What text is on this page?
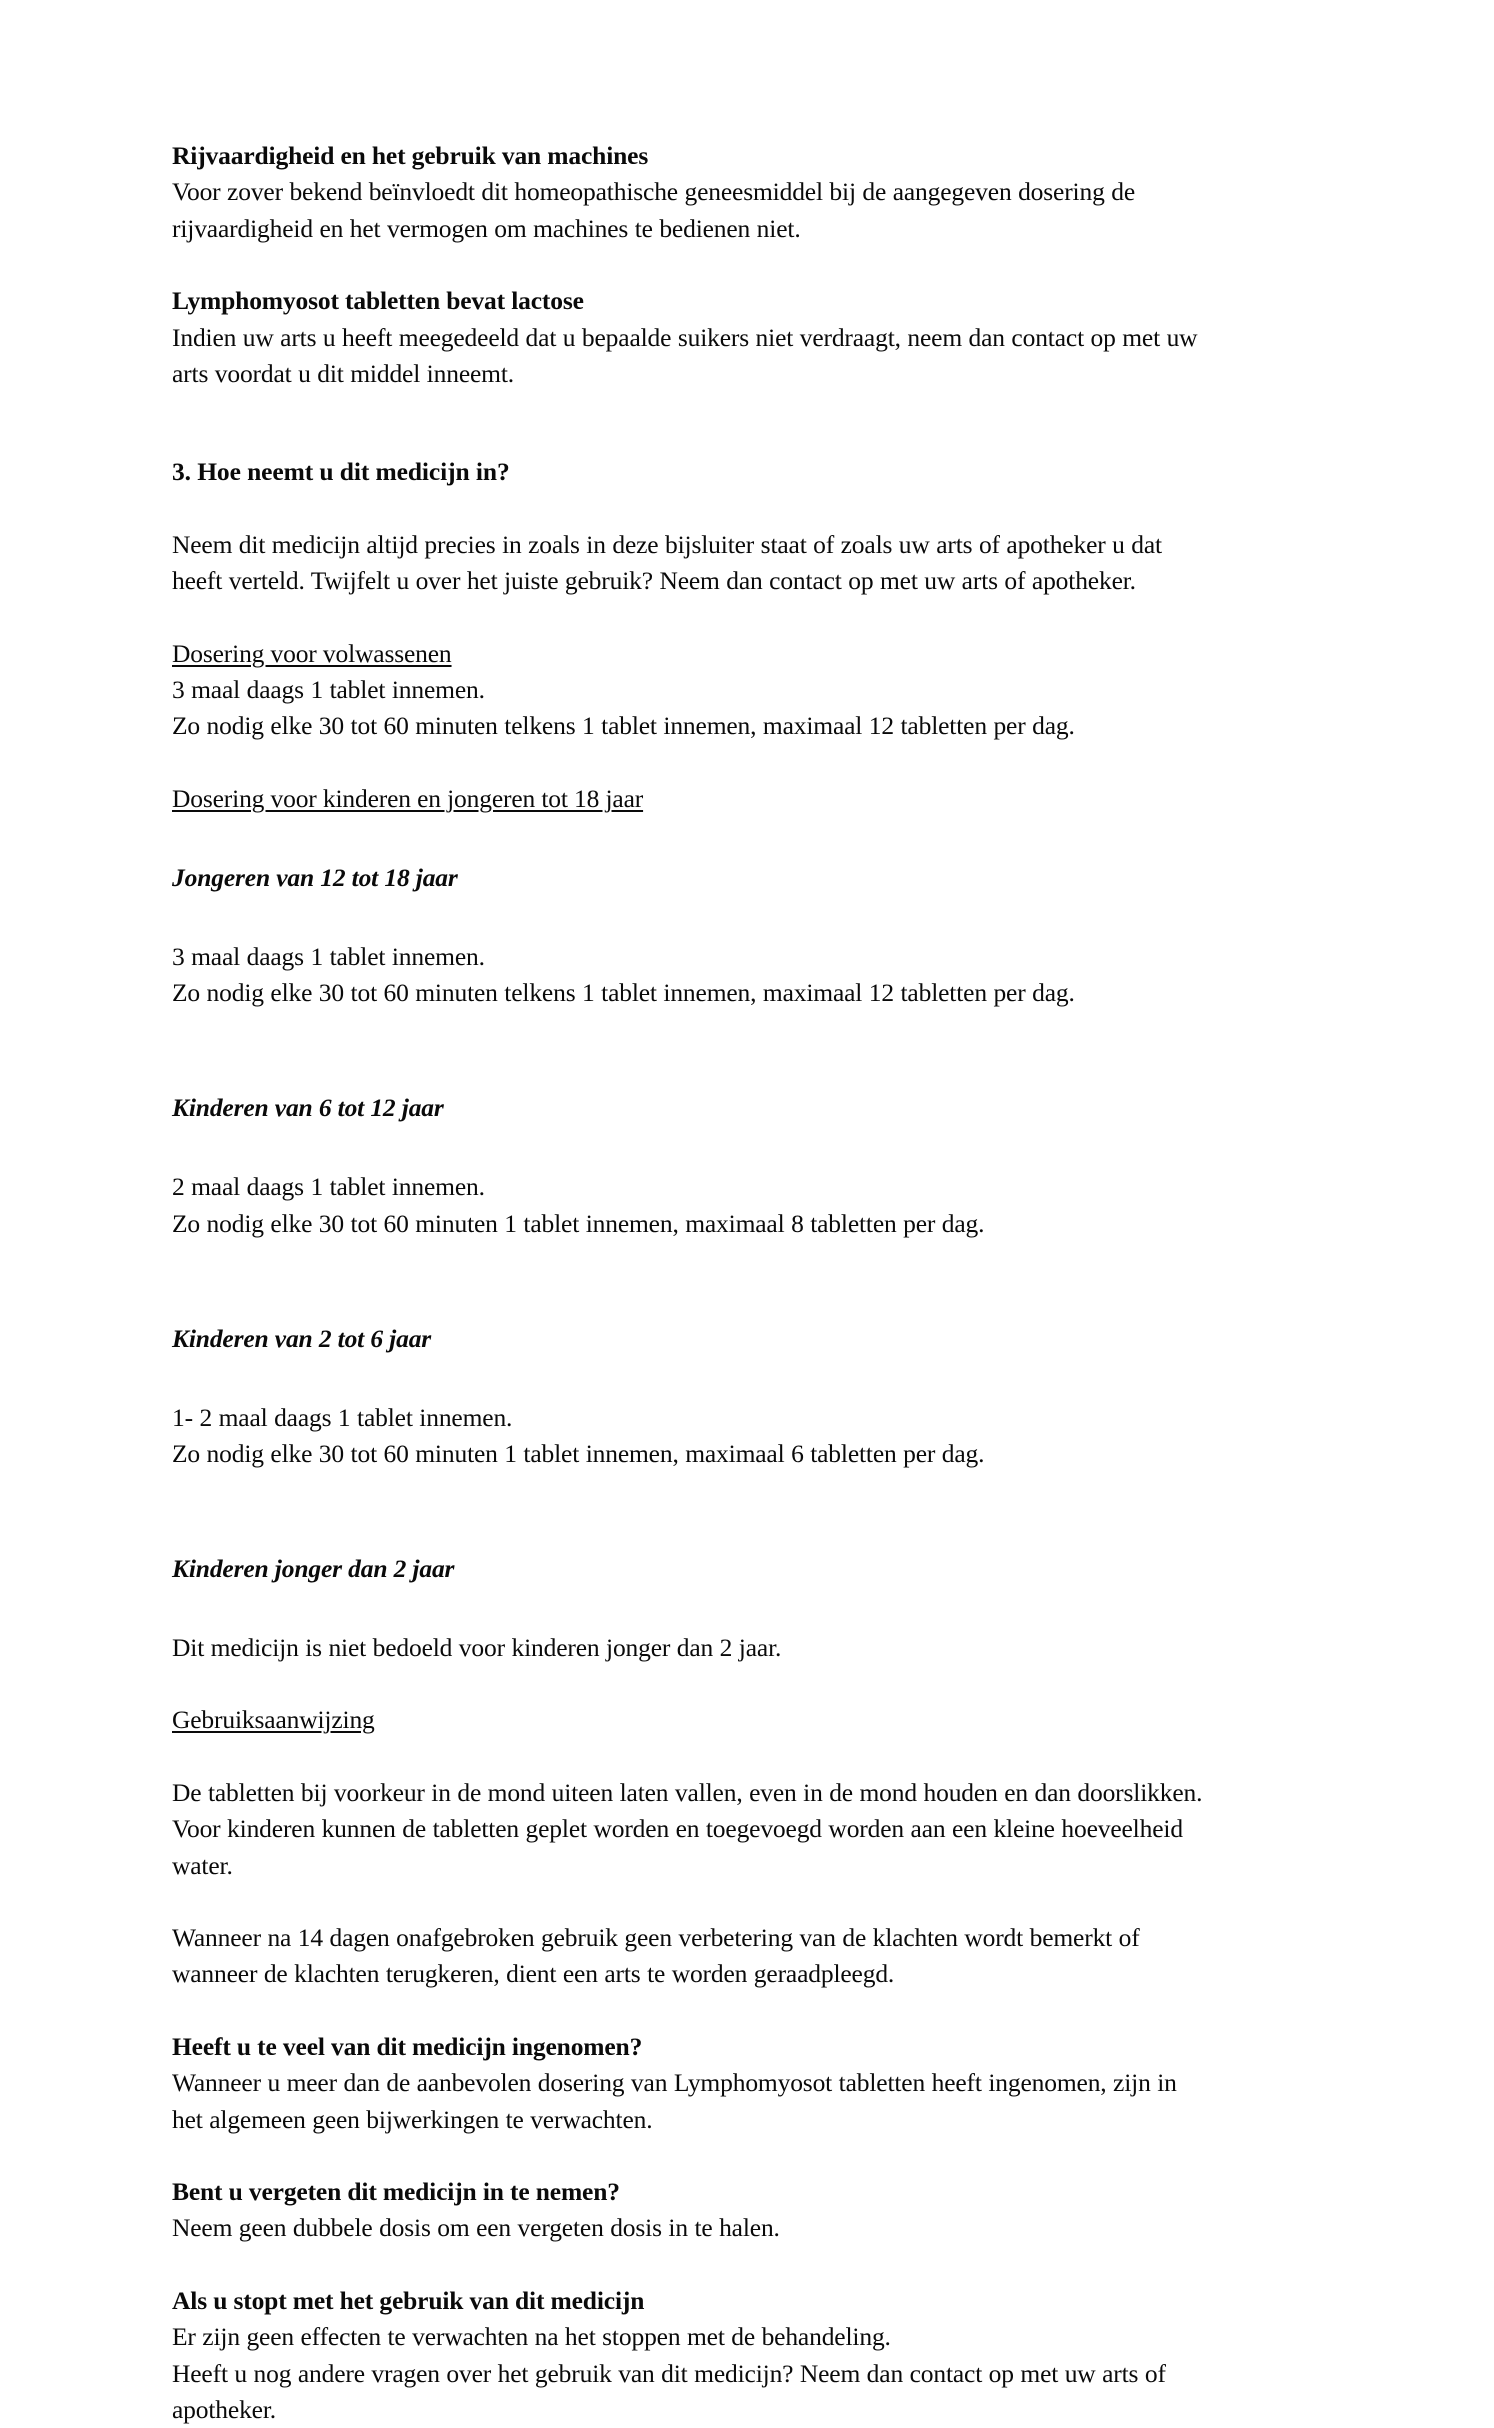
Rijvaardigheid en het gebruik van machines

Voor zover bekend beïnvloedt dit homeopathische geneesmiddel bij de aangegeven dosering de

rijvaardigheid en het vermogen om machines te bedienen niet.

Lymphomyosot tabletten bevat lactose

Indien uw arts u heeft meegedeeld dat u bepaalde suikers niet verdraagt, neem dan contact op met uw

arts voordat u dit middel inneemt.

3. Hoe neemt u dit medicijn in?

Neem dit medicijn altijd precies in zoals in deze bijsluiter staat of zoals uw arts of apotheker u dat

heeft verteld. Twijfelt u over het juiste gebruik? Neem dan contact op met uw arts of apotheker.

Dosering voor volwassenen

3 maal daags 1 tablet innemen.

Zo nodig elke 30 tot 60 minuten telkens 1 tablet innemen, maximaal 12 tabletten per dag.

Dosering voor kinderen en jongeren tot 18 jaar
Jongeren van 12 tot 18 jaar

3 maal daags 1 tablet innemen.

Zo nodig elke 30 tot 60 minuten telkens 1 tablet innemen, maximaal 12 tabletten per dag.

Kinderen van 6 tot 12 jaar

2 maal daags 1 tablet innemen.

Zo nodig elke 30 tot 60 minuten 1 tablet innemen, maximaal 8 tabletten per dag.

Kinderen van 2 tot 6 jaar

1- 2 maal daags 1 tablet innemen.

Zo nodig elke 30 tot 60 minuten 1 tablet innemen, maximaal 6 tabletten per dag.

Kinderen jonger dan 2 jaar

Dit medicijn is niet bedoeld voor kinderen jonger dan 2 jaar.

Gebruiksaanwijzing

De tabletten bij voorkeur in de mond uiteen laten vallen, even in de mond houden en dan doorslikken.

Voor kinderen kunnen de tabletten geplet worden en toegevoegd worden aan een kleine hoeveelheid

water.

Wanneer na 14 dagen onafgebroken gebruik geen verbetering van de klachten wordt bemerkt of

wanneer de klachten terugkeren, dient een arts te worden geraadpleegd.

Heeft u te veel van dit medicijn ingenomen?

Wanneer u meer dan de aanbevolen dosering van Lymphomyosot tabletten heeft ingenomen, zijn in

het algemeen geen bijwerkingen te verwachten.

Bent u vergeten dit medicijn in te nemen?

Neem geen dubbele dosis om een vergeten dosis in te halen.

Als u stopt met het gebruik van dit medicijn

Er zijn geen effecten te verwachten na het stoppen met de behandeling.

Heeft u nog andere vragen over het gebruik van dit medicijn? Neem dan contact op met uw arts of

apotheker.
